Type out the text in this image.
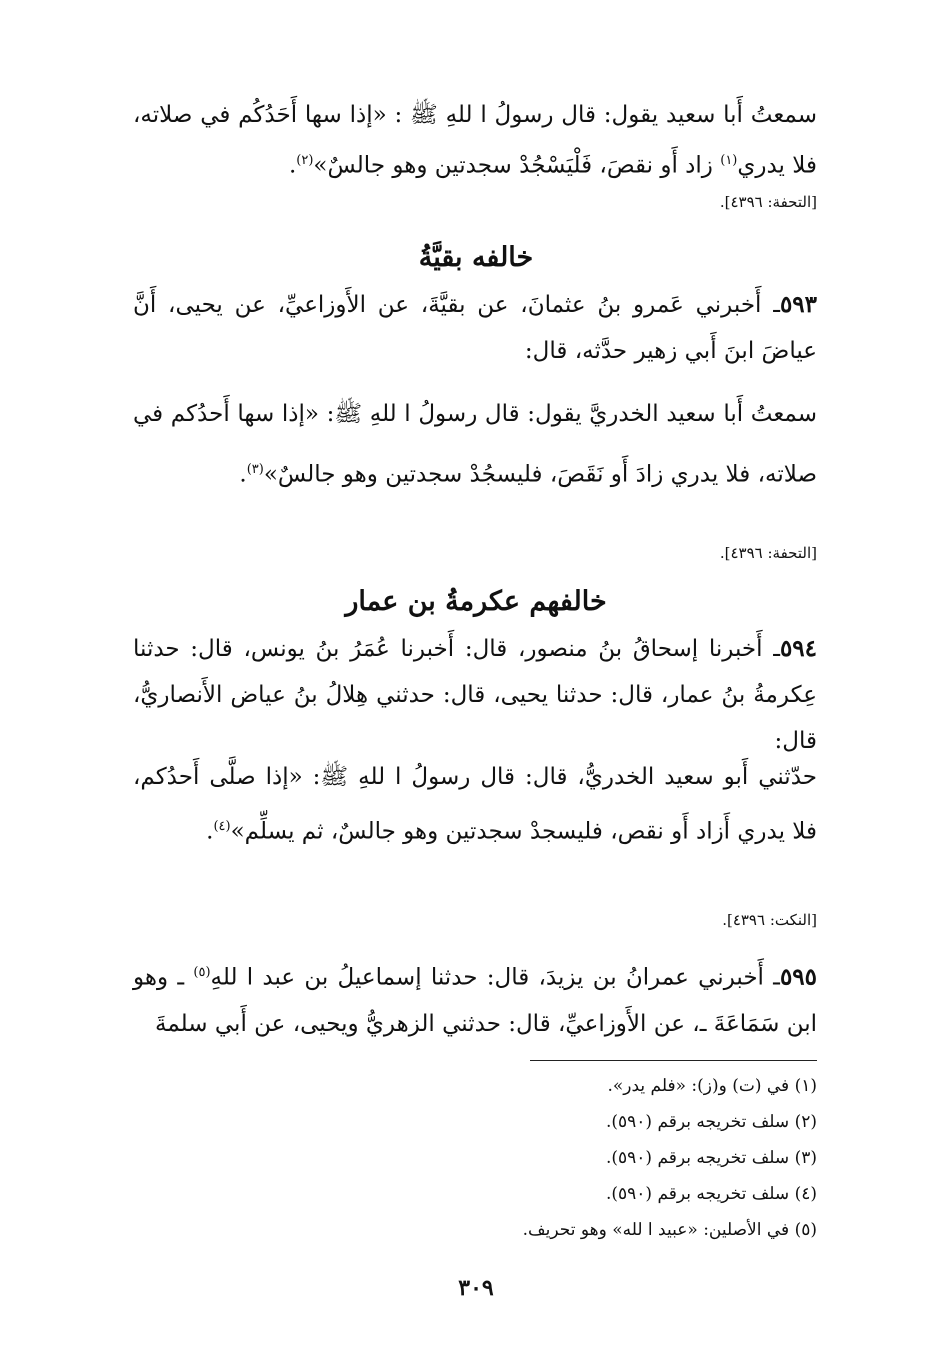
سمعتُ أَبا سعيد يقول: قال رسولُ ا للهِ ﷺ : «إذا سها أَحَدُكُم في صلاته، فلا يدري$^{(١)}$ زاد أَو نقصَ، فَلْيَسْجُدْ سجدتين وهو جالسٌ»$^{(٢)}$.

[التحفة: ٤٣٩٦].
خالفه بقيَّةُ

٥٩٣ـ أَخبرني عَمرو بنُ عثمانَ، عن بقيَّةَ، عن الأَوزاعيِّ، عن يحيى، أَنَّ عياضَ ابنَ أَبي زهير حدَّثه، قال:

سمعتُ أَبا سعيد الخدريَّ يقول: قال رسولُ ا للهِ ﷺ: «إذا سها أَحدُكم في صلاته، فلا يدري زادَ أَو نَقَصَ، فليسجُدْ سجدتين وهو جالسٌ»$^{(٣)}$.

[التحفة: ٤٣٩٦].
خالفهم عكرمةُ بن عمار

٥٩٤ـ أَخبرنا إسحاقُ بنُ منصور، قال: أَخبرنا عُمَرُ بنُ يونس، قال: حدثنا عِكرمةُ بنُ عمار، قال: حدثنا يحيى، قال: حدثني هِلالُ بنُ عياض الأَنصاريُّ، قال:

حدّثني أَبو سعيد الخدريُّ، قال: قال رسولُ ا للهِ ﷺ: «إذا صلَّى أَحدُكم، فلا يدري أَزاد أَو نقص، فليسجدْ سجدتين وهو جالسٌ، ثم يسلِّم»$^{(٤)}$.

[النكت: ٤٣٩٦].

٥٩٥ـ أَخبرني عمرانُ بن يزيدَ، قال: حدثنا إسماعيلُ بن عبد ا للهِ$^{(٥)}$ ـ وهو ابن سَمَاعَةَ ـ، عن الأَوزاعيِّ، قال: حدثني الزهريُّ ويحيى، عن أَبي سلمةَ

(١) في (ت) و(ز): «فلم يدر».
(٢) سلف تخريجه برقم (٥٩٠).
(٣) سلف تخريجه برقم (٥٩٠).
(٤) سلف تخريجه برقم (٥٩٠).
(٥) في الأصلين: «عبيد ا لله» وهو تحريف.
٣٠٩
